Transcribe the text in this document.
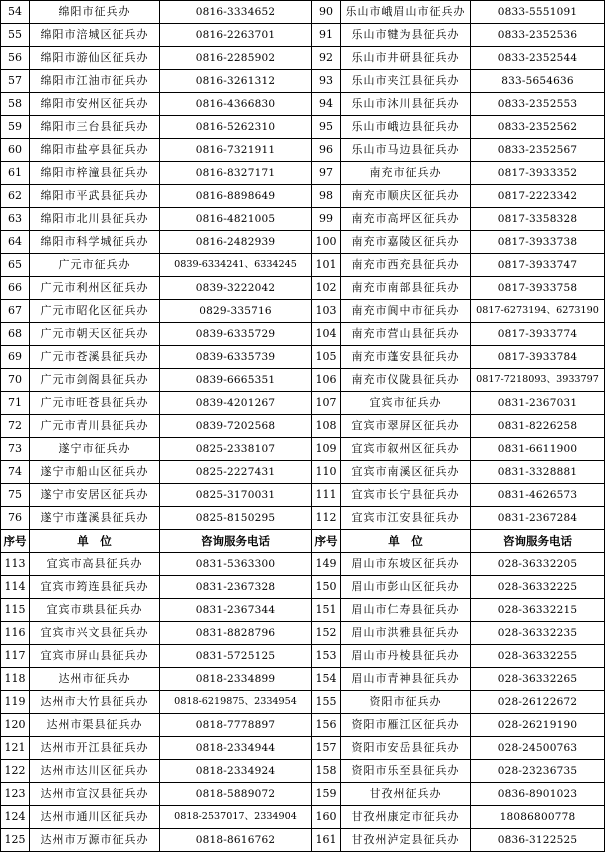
54	绵阳市征兵办	0816-3334652	90	乐山市峨眉山市征兵办	0833-5551091
55	绵阳市涪城区征兵办	0816-2263701	91	乐山市犍为县征兵办	0833-2352536
56	绵阳市游仙区征兵办	0816-2285902	92	乐山市井研县征兵办	0833-2352544
57	绵阳市江油市征兵办	0816-3261312	93	乐山市夹江县征兵办	833-5654636
58	绵阳市安州区征兵办	0816-4366830	94	乐山市沐川县征兵办	0833-2352553
59	绵阳市三台县征兵办	0816-5262310	95	乐山市峨边县征兵办	0833-2352562
60	绵阳市盐亭县征兵办	0816-7321911	96	乐山市马边县征兵办	0833-2352567
61	绵阳市梓潼县征兵办	0816-8327171	97	南充市征兵办	0817-3933352
62	绵阳市平武县征兵办	0816-8898649	98	南充市顺庆区征兵办	0817-2223342
63	绵阳市北川县征兵办	0816-4821005	99	南充市高坪区征兵办	0817-3358328
64	绵阳市科学城征兵办	0816-2482939	100	南充市嘉陵区征兵办	0817-3933738
65	广元市征兵办	0839-6334241、6334245	101	南充市西充县征兵办	0817-3933747
66	广元市利州区征兵办	0839-3222042	102	南充市南部县征兵办	0817-3933758
67	广元市昭化区征兵办	0829-335716	103	南充市阆中市征兵办	0817-6273194、6273190
68	广元市朝天区征兵办	0839-6335729	104	南充市营山县征兵办	0817-3933774
69	广元市苍溪县征兵办	0839-6335739	105	南充市蓬安县征兵办	0817-3933784
70	广元市剑阁县征兵办	0839-6665351	106	南充市仪陇县征兵办	0817-7218093、3933797
71	广元市旺苍县征兵办	0839-4201267	107	宜宾市征兵办	0831-2367031
72	广元市青川县征兵办	0839-7202568	108	宜宾市翠屏区征兵办	0831-8226258
73	遂宁市征兵办	0825-2338107	109	宜宾市叙州区征兵办	0831-6611900
74	遂宁市船山区征兵办	0825-2227431	110	宜宾市南溪区征兵办	0831-3328881
75	遂宁市安居区征兵办	0825-3170031	111	宜宾市长宁县征兵办	0831-4626573
76	遂宁市蓬溪县征兵办	0825-8150295	112	宜宾市江安县征兵办	0831-2367284
序号	单　位	咨询服务电话	序号	单　位	咨询服务电话
113	宜宾市高县征兵办	0831-5363300	149	眉山市东坡区征兵办	028-36332205
114	宜宾市筠连县征兵办	0831-2367328	150	眉山市彭山区征兵办	028-36332225
115	宜宾市珙县征兵办	0831-2367344	151	眉山市仁寿县征兵办	028-36332215
116	宜宾市兴文县征兵办	0831-8828796	152	眉山市洪雅县征兵办	028-36332235
117	宜宾市屏山县征兵办	0831-5725125	153	眉山市丹棱县征兵办	028-36332255
118	达州市征兵办	0818-2334899	154	眉山市青神县征兵办	028-36332265
119	达州市大竹县征兵办	0818-6219875、2334954	155	资阳市征兵办	028-26122672
120	达州市渠县征兵办	0818-7778897	156	资阳市雁江区征兵办	028-26219190
121	达州市开江县征兵办	0818-2334944	157	资阳市安岳县征兵办	028-24500763
122	达州市达川区征兵办	0818-2334924	158	资阳市乐至县征兵办	028-23236735
123	达州市宣汉县征兵办	0818-5889072	159	甘孜州征兵办	0836-8901023
124	达州市通川区征兵办	0818-2537017、2334904	160	甘孜州康定市征兵办	18086800778
125	达州市万源市征兵办	0818-8616762	161	甘孜州泸定县征兵办	0836-3122525
